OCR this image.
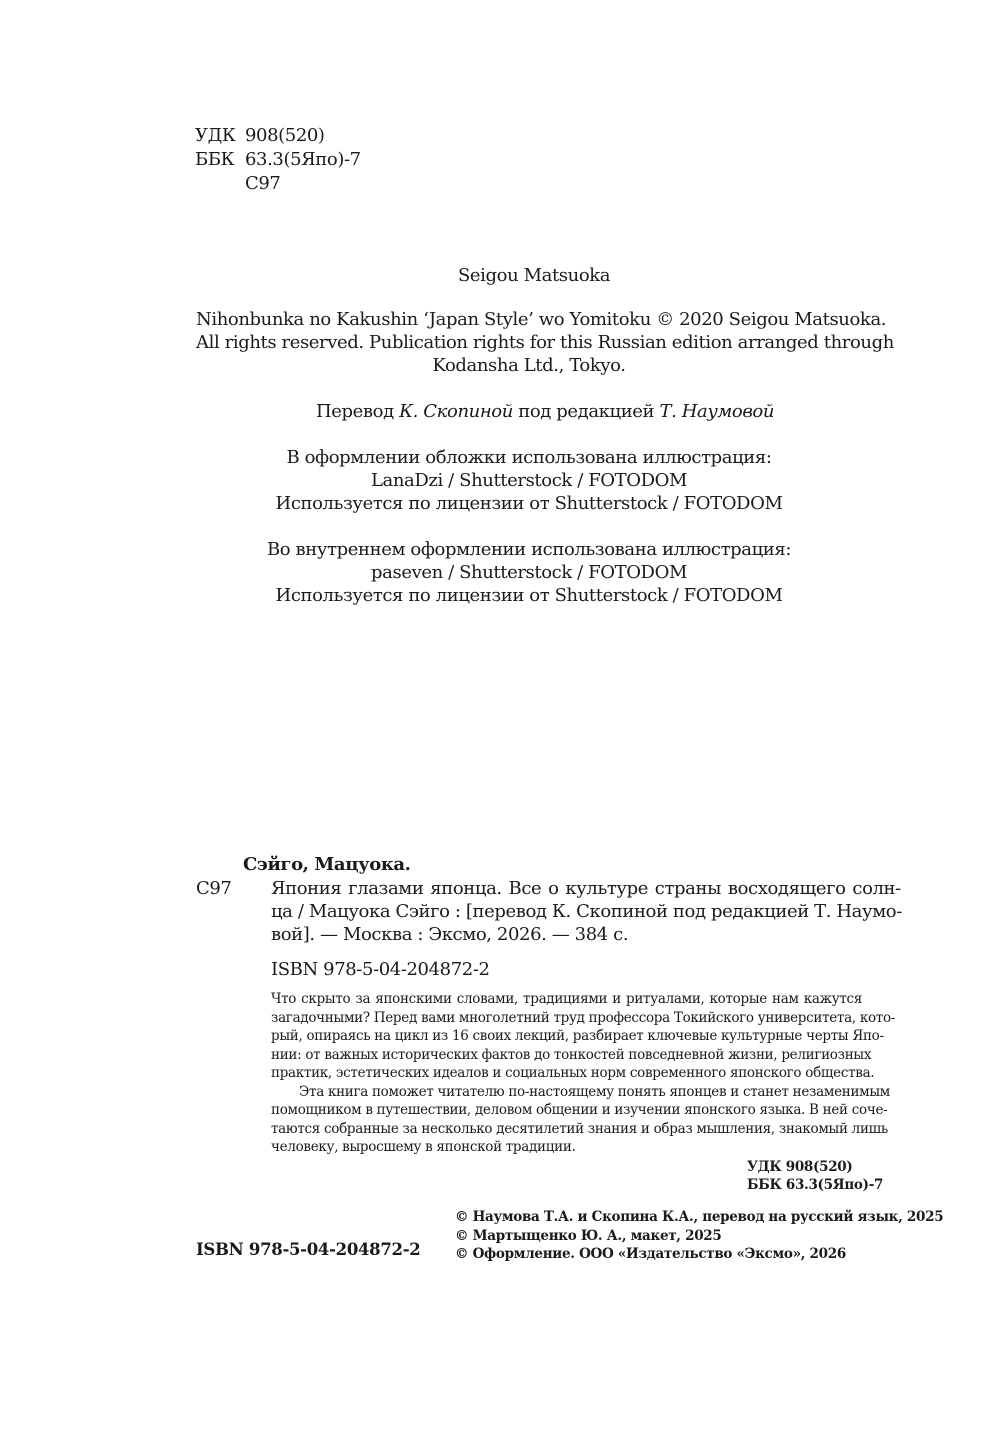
УДК 908(520)
ББК 63.3(5Япо)-7
С97
Seigou Matsuoka
Nihonbunka no Kakushin ‘Japan Style’ wo Yomitoku © 2020 Seigou Matsuoka.
All rights reserved. Publication rights for this Russian edition arranged through
Kodansha Ltd., Tokyo.
Перевод К. Скопиной под редакцией Т. Наумовой
В оформлении обложки использована иллюстрация:
LanaDzi / Shutterstock / FOTODOM
Используется по лицензии от Shutterstock / FOTODOM
Во внутреннем оформлении использована иллюстрация:
paseven / Shutterstock / FOTODOM
Используется по лицензии от Shutterstock / FOTODOM
Сэйго, Мацуока.
С97 Япония глазами японца. Все о культуре страны восходящего солн-
ца / Мацуока Сэйго : [перевод К. Скопиной под редакцией Т. Наумо-
вой]. — Москва : Эксмо, 2026. — 384 с.
ISBN 978-5-04-204872-2
Что скрыто за японскими словами, традициями и ритуалами, которые нам кажутся
загадочными? Перед вами многолетний труд профессора Токийского университета, кото-
рый, опираясь на цикл из 16 своих лекций, разбирает ключевые культурные черты Япо-
нии: от важных исторических фактов до тонкостей повседневной жизни, религиозных
практик, эстетических идеалов и социальных норм современного японского общества.
Эта книга поможет читателю по-настоящему понять японцев и станет незаменимым
помощником в путешествии, деловом общении и изучении японского языка. В ней соче-
таются собранные за несколько десятилетий знания и образ мышления, знакомый лишь
человеку, выросшему в японской традиции.
УДК 908(520)
ББК 63.3(5Япо)-7
© Наумова Т.А. и Скопина К.А., перевод на русский язык, 2025
© Мартыщенко Ю. А., макет, 2025
© Оформление. ООО «Издательство «Эксмо», 2026
ISBN 978-5-04-204872-2
